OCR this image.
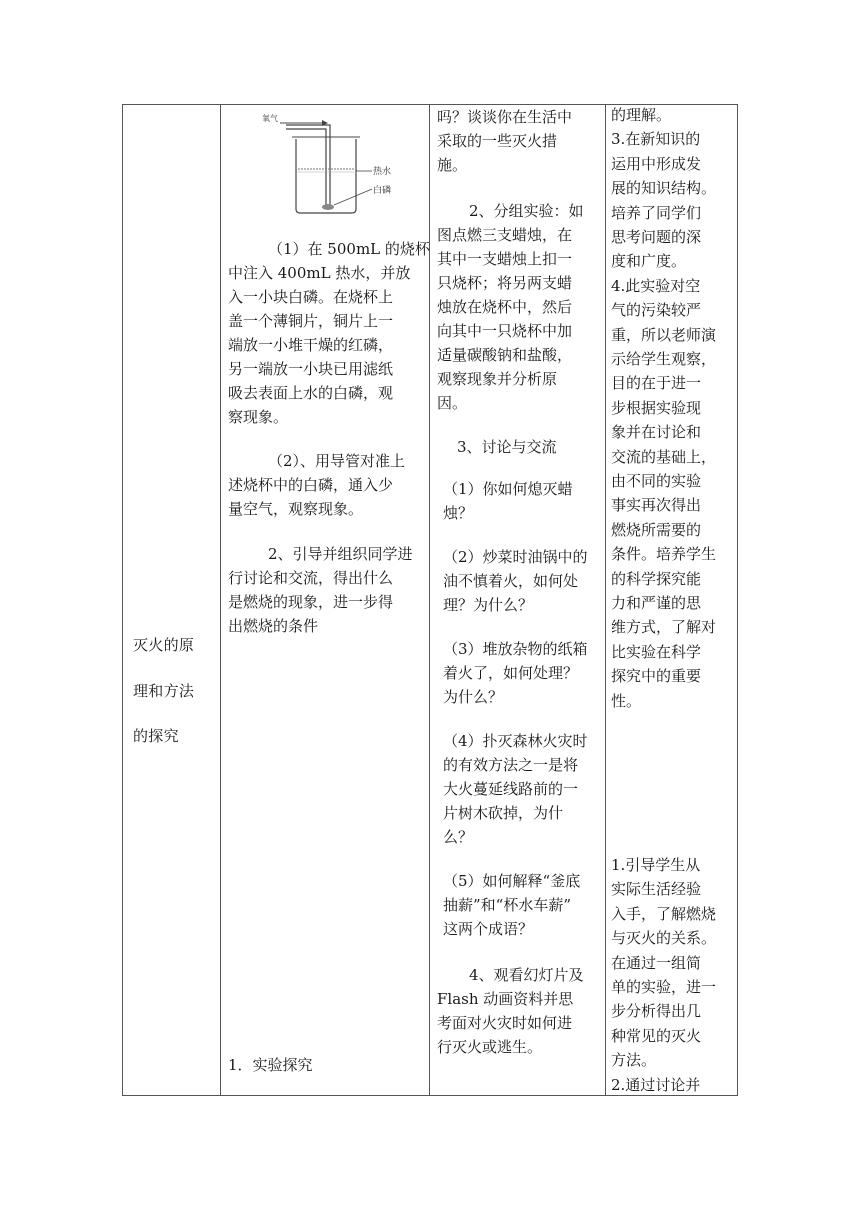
灭火的原
理和方法
的探究
氧气
热水
白磷
（1）在 500mL 的烧杯
中注入 400mL 热水，并放
入一小块白磷。在烧杯上
盖一个薄铜片，铜片上一
端放一小堆干燥的红磷，
另一端放一小块已用滤纸
吸去表面上水的白磷，观
察现象。
（2）、用导管对准上
述烧杯中的白磷，通入少
量空气，观察现象。
2、引导并组织同学进
行讨论和交流，得出什么
是燃烧的现象，进一步得
出燃烧的条件
1．实验探究
吗？谈谈你在生活中
采取的一些灭火措
施。
2、分组实验：如
图点燃三支蜡烛，在
其中一支蜡烛上扣一
只烧杯；将另两支蜡
烛放在烧杯中，然后
向其中一只烧杯中加
适量碳酸钠和盐酸，
观察现象并分析原
因。
3、讨论与交流
（1）你如何熄灭蜡
烛？
（2）炒菜时油锅中的
油不慎着火，如何处
理？为什么？
（3）堆放杂物的纸箱
着火了，如何处理？
为什么？
（4）扑灭森林火灾时
的有效方法之一是将
大火蔓延线路前的一
片树木砍掉，为什
么？
（5）如何解释“釜底
抽薪”和“杯水车薪”
这两个成语？
4、观看幻灯片及
Flash 动画资料并思
考面对火灾时如何进
行灭火或逃生。
的理解。
3.在新知识的
运用中形成发
展的知识结构。
培养了同学们
思考问题的深
度和广度。
4.此实验对空
气的污染较严
重，所以老师演
示给学生观察，
目的在于进一
步根据实验现
象并在讨论和
交流的基础上，
由不同的实验
事实再次得出
燃烧所需要的
条件。培养学生
的科学探究能
力和严谨的思
维方式，了解对
比实验在科学
探究中的重要
性。
1.引导学生从
实际生活经验
入手，了解燃烧
与灭火的关系。
在通过一组简
单的实验，进一
步分析得出几
种常见的灭火
方法。
2.通过讨论并
